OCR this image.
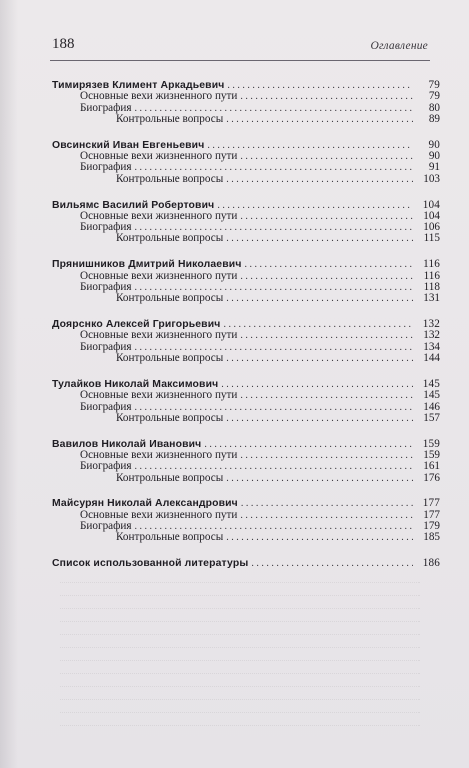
188	Оглавление
Тимирязев Климент Аркадьевич . . .	79
Основные вехи жизненного пути . . .	79
Биография . . .	80
Контрольные вопросы . . .	89
Овсинский Иван Евгеньевич . . .	90
Основные вехи жизненного пути . . .	90
Биография . . .	91
Контрольные вопросы . . .	103
Вильямс Василий Робертович . . .	104
Основные вехи жизненного пути . . .	104
Биография . . .	106
Контрольные вопросы . . .	115
Прянишников Дмитрий Николаевич . . .	116
Основные вехи жизненного пути . . .	116
Биография . . .	118
Контрольные вопросы . . .	131
Доярснко Алексей Григорьевич . . .	132
Основные вехи жизненного пути . . .	132
Биография . . .	134
Контрольные вопросы . . .	144
Тулайков Николай Максимович . . .	145
Основные вехи жизненного пути . . .	145
Биография . . .	146
Контрольные вопросы . . .	157
Вавилов Николай Иванович . . .	159
Основные вехи жизненного пути . . .	159
Биография . . .	161
Контрольные вопросы . . .	176
Майсурян Николай Александрович . . .	177
Основные вехи жизненного пути . . .	177
Биография . . .	179
Контрольные вопросы . . .	185
Список использованной литературы . . .	186
